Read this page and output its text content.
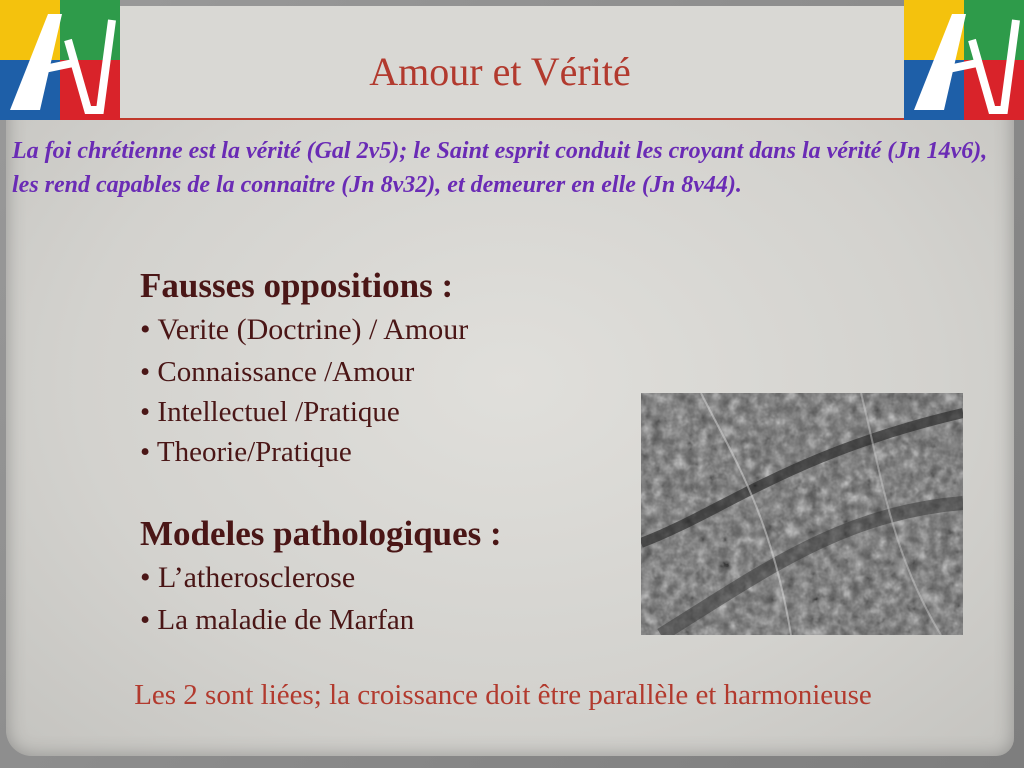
Amour et Vérité
La foi chrétienne est la vérité (Gal 2v5); le Saint esprit conduit les croyant dans la vérité (Jn 14v6), les rend capables de la connaitre (Jn 8v32), et demeurer en elle (Jn 8v44).
Fausses oppositions :
• Verite (Doctrine) / Amour
• Connaissance /Amour
• Intellectuel /Pratique
• Theorie/Pratique
Modeles pathologiques :
• L’atherosclerose
• La maladie de Marfan
Les 2 sont liées; la croissance doit être parallèle et harmonieuse
